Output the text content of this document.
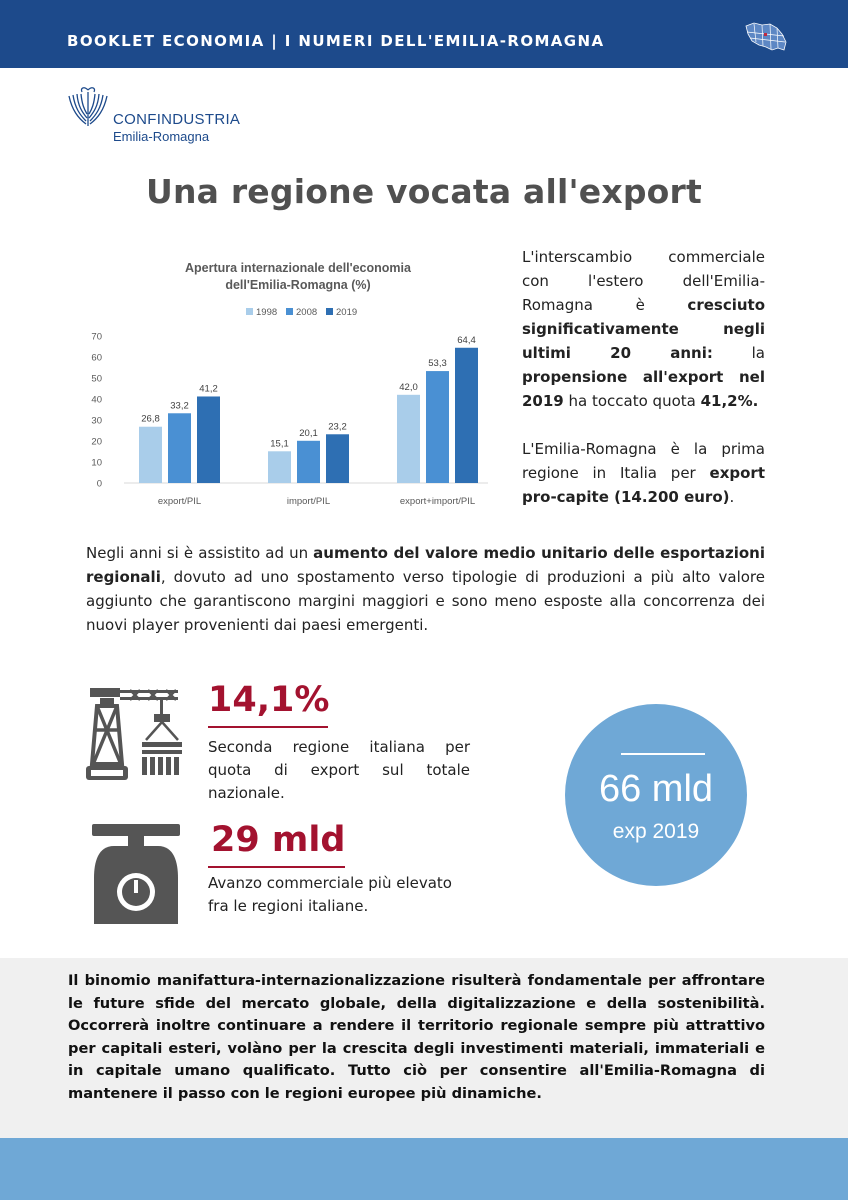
BOOKLET ECONOMIA | I NUMERI DELL'EMILIA-ROMAGNA
CONFINDUSTRIA
Emilia-Romagna
Una regione vocata all'export
Apertura internazionale dell'economia
dell'Emilia-Romagna (%)
1998 2008 2019
0
10
20
30
40
50
60
70
26,8
33,2
41,2
export/PIL
15,1
20,1
23,2
import/PIL
42,0
53,3
64,4
export+import/PIL

L'interscambio commerciale con l'estero dell'Emilia-Romagna è cresciuto significativamente negli ultimi 20 anni: la propensione all'export nel 2019 ha toccato quota 41,2%.

L'Emilia-Romagna è la prima regione in Italia per export pro-capite (14.200 euro).

Negli anni si è assistito ad un aumento del valore medio unitario delle esportazioni regionali, dovuto ad uno spostamento verso tipologie di produzioni a più alto valore aggiunto che garantiscono margini maggiori e sono meno esposte alla concorrenza dei nuovi player provenienti dai paesi emergenti.
14,1%
Seconda regione italiana per quota di export sul totale nazionale.
29 mld
Avanzo commerciale più elevato fra le regioni italiane.
66 mld
exp 2019
Il binomio manifattura-internazionalizzazione risulterà fondamentale per affrontare le future sfide del mercato globale, della digitalizzazione e della sostenibilità. Occorrerà inoltre continuare a rendere il territorio regionale sempre più attrattivo per capitali esteri, volàno per la crescita degli investimenti materiali, immateriali e in capitale umano qualificato. Tutto ciò per consentire all'Emilia-Romagna di mantenere il passo con le regioni europee più dinamiche.
